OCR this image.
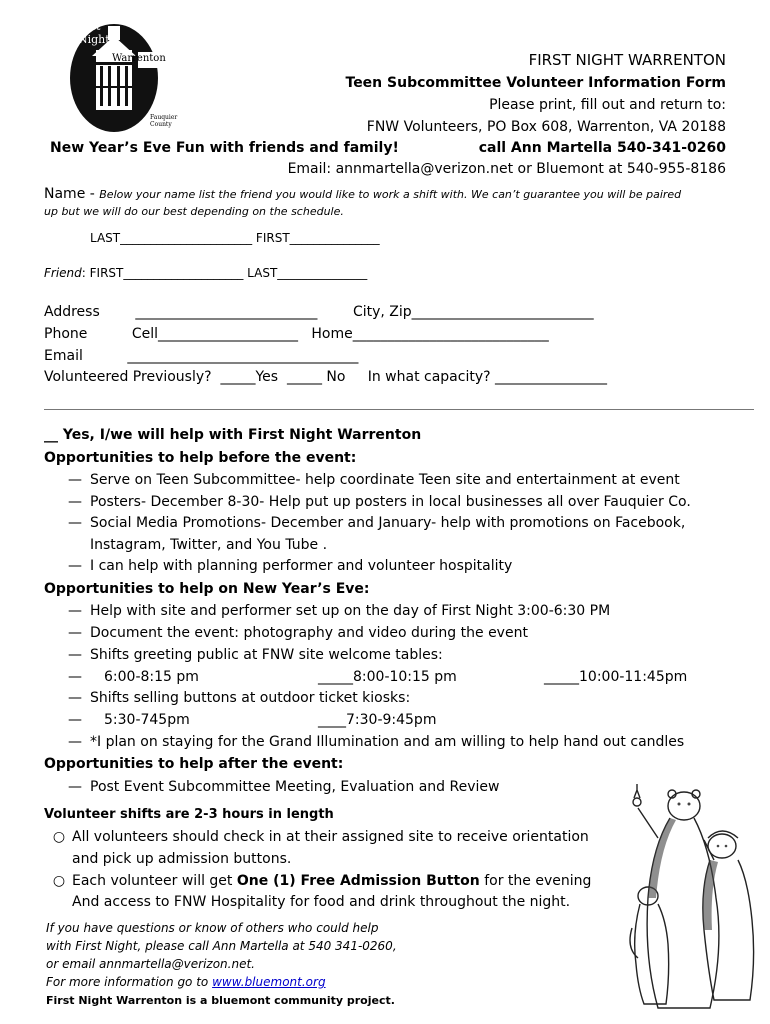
First
Night
Warrenton
Fauquier County
FIRST NIGHT WARRENTON
Teen Subcommittee Volunteer Information Form
Please print, fill out and return to:
FNW Volunteers, PO Box 608, Warrenton, VA 20188
New Year’s Eve Fun with friends and family!	call Ann Martella 540-341-0260
Email: annmartella@verizon.net or Bluemont at 540-955-8186
Name - Below your name list the friend you would like to work a shift with. We can’t guarantee you will be paired
up but we will do our best depending on the schedule.
LAST______________________ FIRST_______________
Friend: FIRST____________________ LAST_______________
Address        __________________________        City, Zip__________________________
Phone          Cell____________________   Home____________________________
Email          _________________________________
Volunteered Previously?  _____Yes  _____ No     In what capacity? ________________
__ Yes, I/we will help with First Night Warrenton
Opportunities to help before the event:
— Serve on Teen Subcommittee- help coordinate Teen site and entertainment at event
— Posters- December 8-30- Help put up posters in local businesses all over Fauquier Co.
— Social Media Promotions- December and January- help with promotions on Facebook,
Instagram, Twitter, and You Tube .
— I can help with planning performer and volunteer hospitality
Opportunities to help on New Year’s Eve:
— Help with site and performer set up on the day of First Night 3:00-6:30 PM
— Document the event: photography and video during the event
— Shifts greeting public at FNW site welcome tables:
—	6:00-8:15 pm	_____8:00-10:15 pm	_____10:00-11:45pm
— Shifts selling buttons at outdoor ticket kiosks:
—	5:30-745pm	____7:30-9:45pm
— *I plan on staying for the Grand Illumination and am willing to help hand out candles
Opportunities to help after the event:
— Post Event Subcommittee Meeting, Evaluation and Review
Volunteer shifts are 2-3 hours in length
○ All volunteers should check in at their assigned site to receive orientation
and pick up admission buttons.
○ Each volunteer will get One (1) Free Admission Button for the evening
And access to FNW Hospitality for food and drink throughout the night.
If you have questions or know of others who could help
with First Night, please call Ann Martella at 540 341-0260,
or email annmartella@verizon.net.
For more information go to www.bluemont.org
First Night Warrenton is a bluemont community project.
